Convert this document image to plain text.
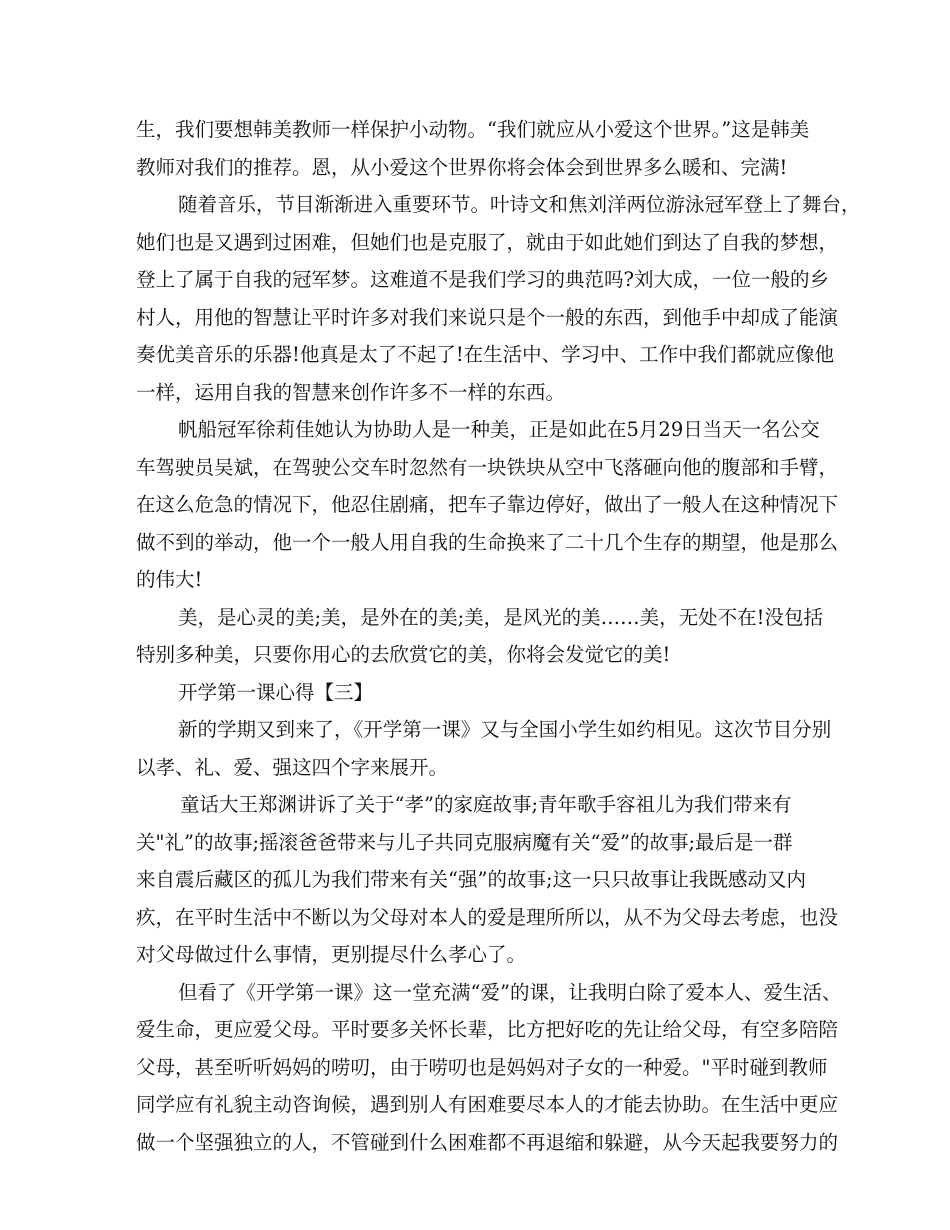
生，我们要想韩美教师一样保护小动物。“我们就应从小爱这个世界。”这是韩美
教师对我们的推荐。恩，从小爱这个世界你将会体会到世界多么暖和、完满!
随着音乐，节目渐渐进入重要环节。叶诗文和焦刘洋两位游泳冠军登上了舞台，
她们也是又遇到过困难，但她们也是克服了，就由于如此她们到达了自我的梦想，
登上了属于自我的冠军梦。这难道不是我们学习的典范吗?刘大成，一位一般的乡
村人，用他的智慧让平时许多对我们来说只是个一般的东西，到他手中却成了能演
奏优美音乐的乐器!他真是太了不起了!在生活中、学习中、工作中我们都就应像他
一样，运用自我的智慧来创作许多不一样的东西。
帆船冠军徐莉佳她认为协助人是一种美，正是如此在5月29日当天一名公交
车驾驶员吴斌，在驾驶公交车时忽然有一块铁块从空中飞落砸向他的腹部和手臂，
在这么危急的情况下，他忍住剧痛，把车子靠边停好，做出了一般人在这种情况下
做不到的举动，他一个一般人用自我的生命换来了二十几个生存的期望，他是那么
的伟大!
美，是心灵的美;美，是外在的美;美，是风光的美……美，无处不在!没包括
特别多种美，只要你用心的去欣赏它的美，你将会发觉它的美!
开学第一课心得【三】
新的学期又到来了，《开学第一课》又与全国小学生如约相见。这次节目分别
以孝、礼、爱、强这四个字来展开。
童话大王郑渊讲诉了关于“孝”的家庭故事;青年歌手容祖儿为我们带来有
关"礼”的故事;摇滚爸爸带来与儿子共同克服病魔有关“爱”的故事;最后是一群
来自震后藏区的孤儿为我们带来有关“强”的故事;这一只只故事让我既感动又内
疚，在平时生活中不断以为父母对本人的爱是理所所以，从不为父母去考虑，也没
对父母做过什么事情，更别提尽什么孝心了。
但看了《开学第一课》这一堂充满“爱”的课，让我明白除了爱本人、爱生活、
爱生命，更应爱父母。平时要多关怀长辈，比方把好吃的先让给父母，有空多陪陪
父母，甚至听听妈妈的唠叨，由于唠叨也是妈妈对子女的一种爱。"平时碰到教师
同学应有礼貌主动咨询候，遇到别人有困难要尽本人的才能去协助。在生活中更应
做一个坚强独立的人，不管碰到什么困难都不再退缩和躲避，从今天起我要努力的
